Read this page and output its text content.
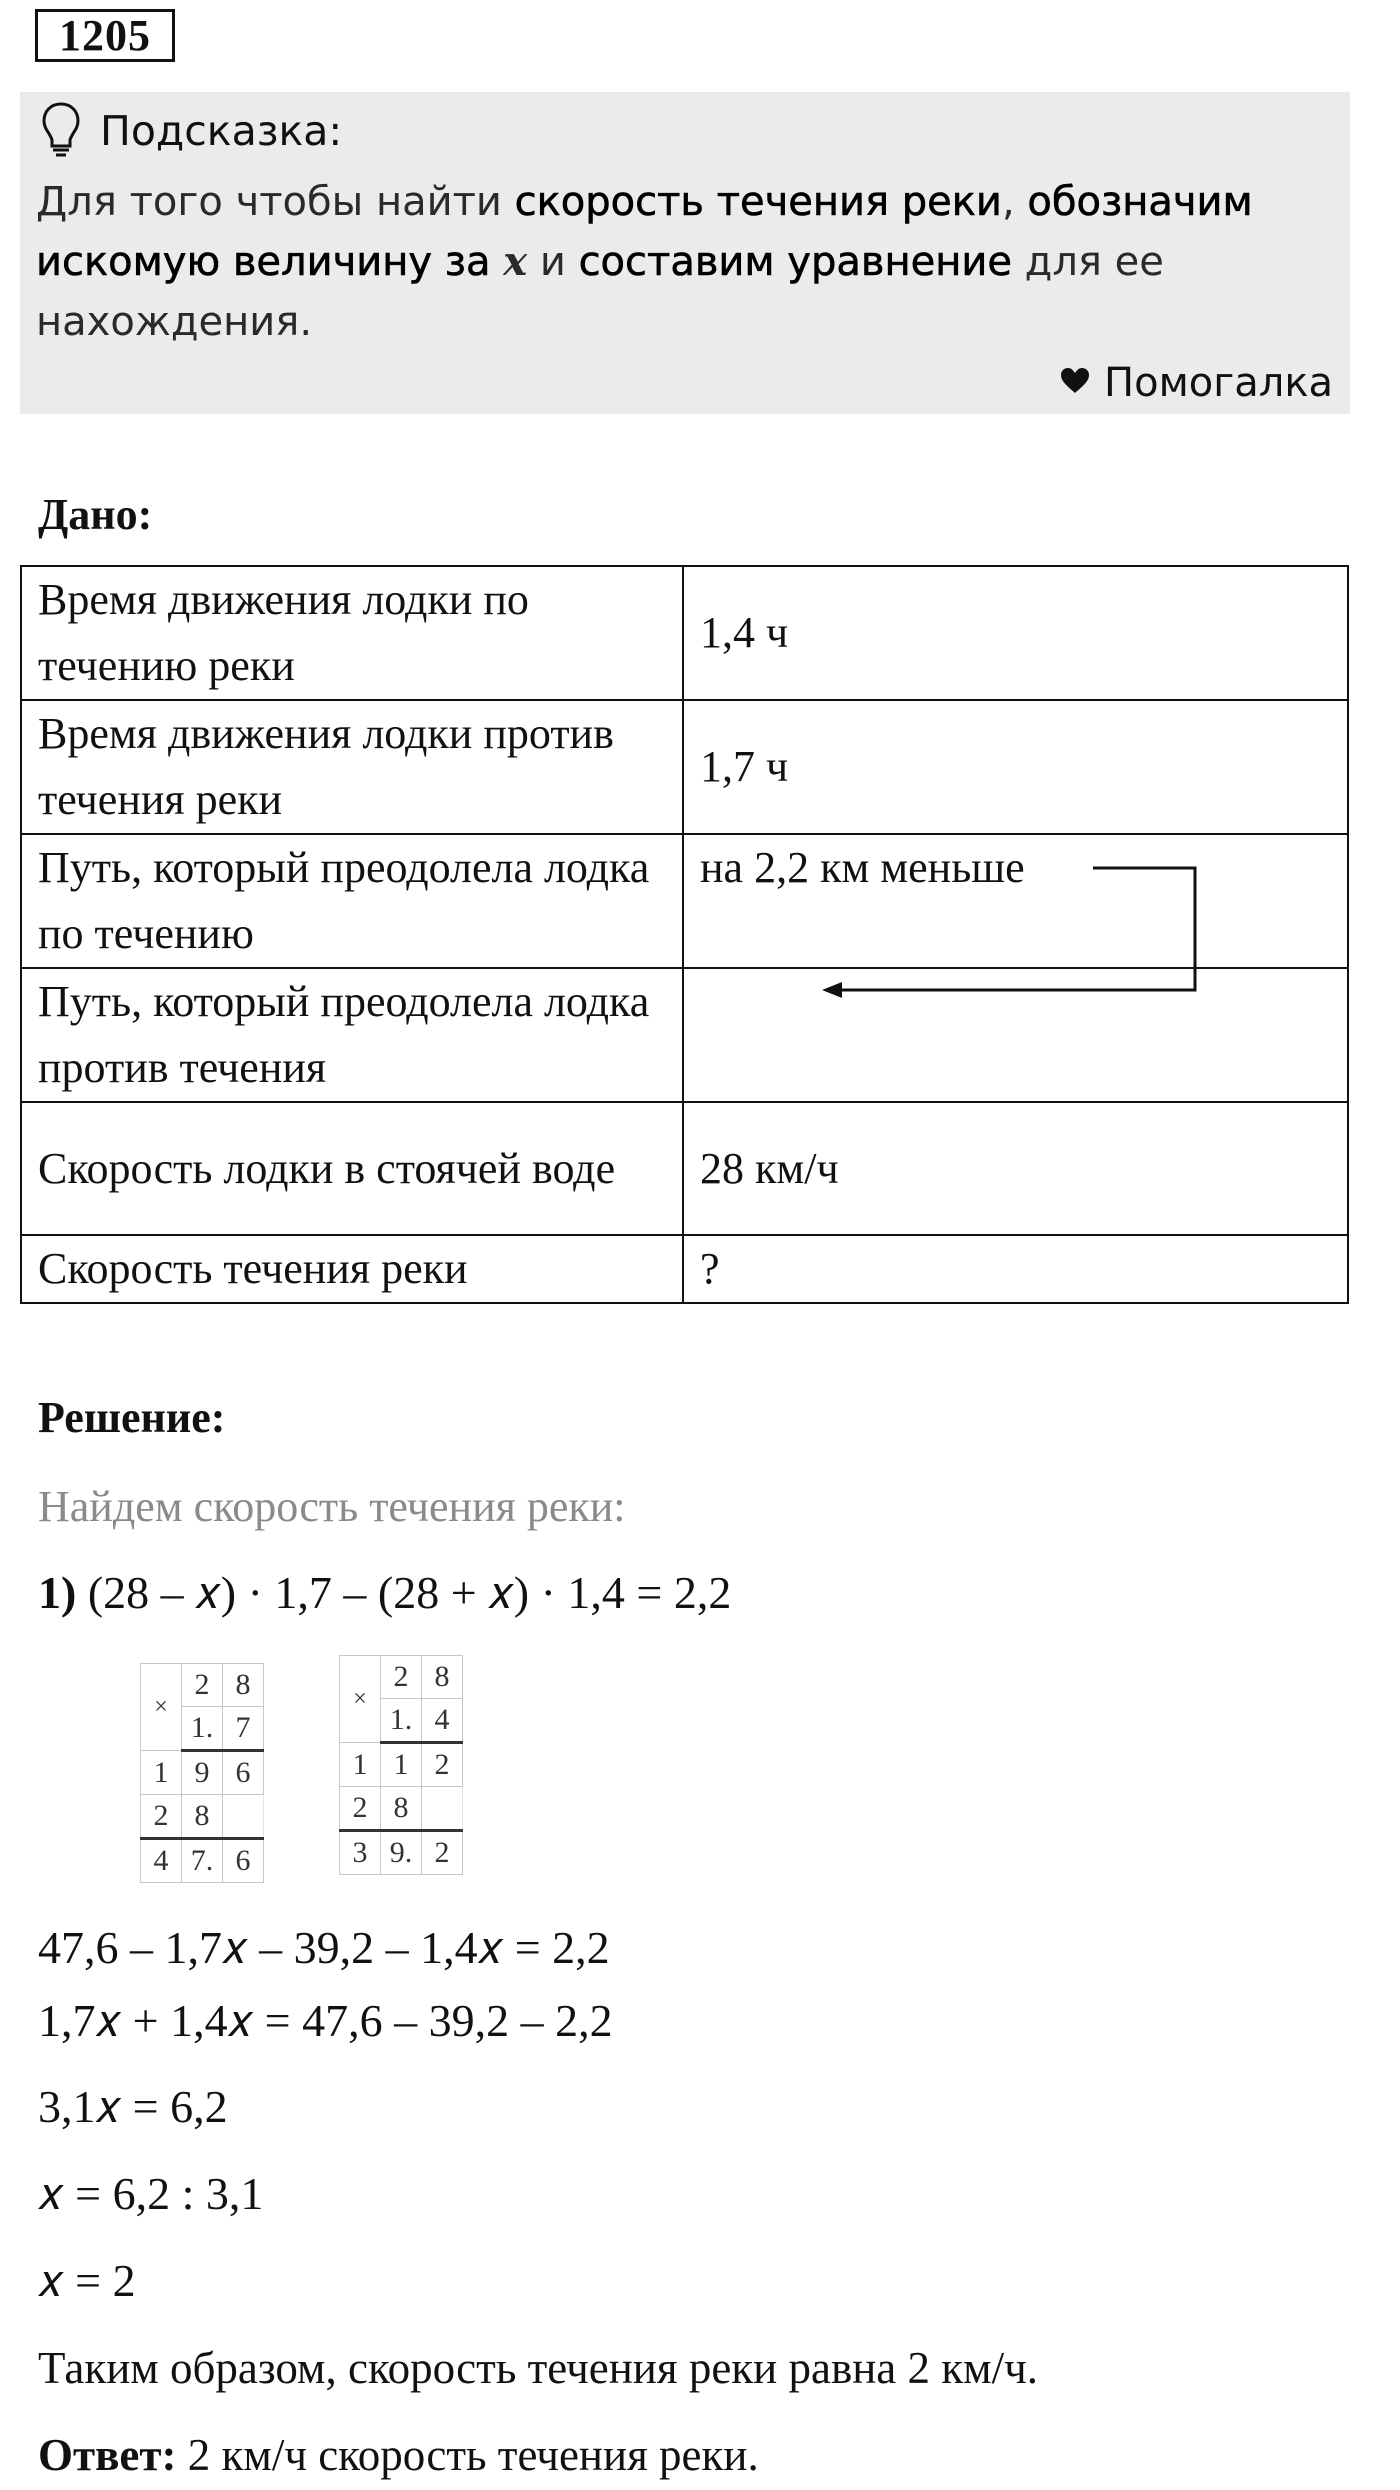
1205
Подсказка:
Для того чтобы найти скорость течения реки, обозначим искомую величину за x и составим уравнение для ее нахождения.
Помогалка
Дано:
Время движения лодки по течению реки	1,4 ч
Время движения лодки против течения реки	1,7 ч
Путь, который преодолела лодка по течению	на 2,2 км меньше
Путь, который преодолела лодка против течения	
Скорость лодки в стоячей воде	28 км/ч
Скорость течения реки	?
Решение:
Найдем скорость течения реки:
1) (28 – 𝑥) · 1,7 – (28 + 𝑥) · 1,4 = 2,2
×	2	8
	1.	7
1	9	6
2	8	
4	7.	6
×	2	8
	1.	4
1	1	2
2	8	
3	9.	2
47,6 – 1,7𝑥 – 39,2 – 1,4𝑥 = 2,2
1,7𝑥 + 1,4𝑥 = 47,6 – 39,2 – 2,2
3,1𝑥 = 6,2
𝑥 = 6,2 : 3,1
𝑥 = 2
Таким образом, скорость течения реки равна 2 км/ч.
Ответ: 2 км/ч скорость течения реки.
